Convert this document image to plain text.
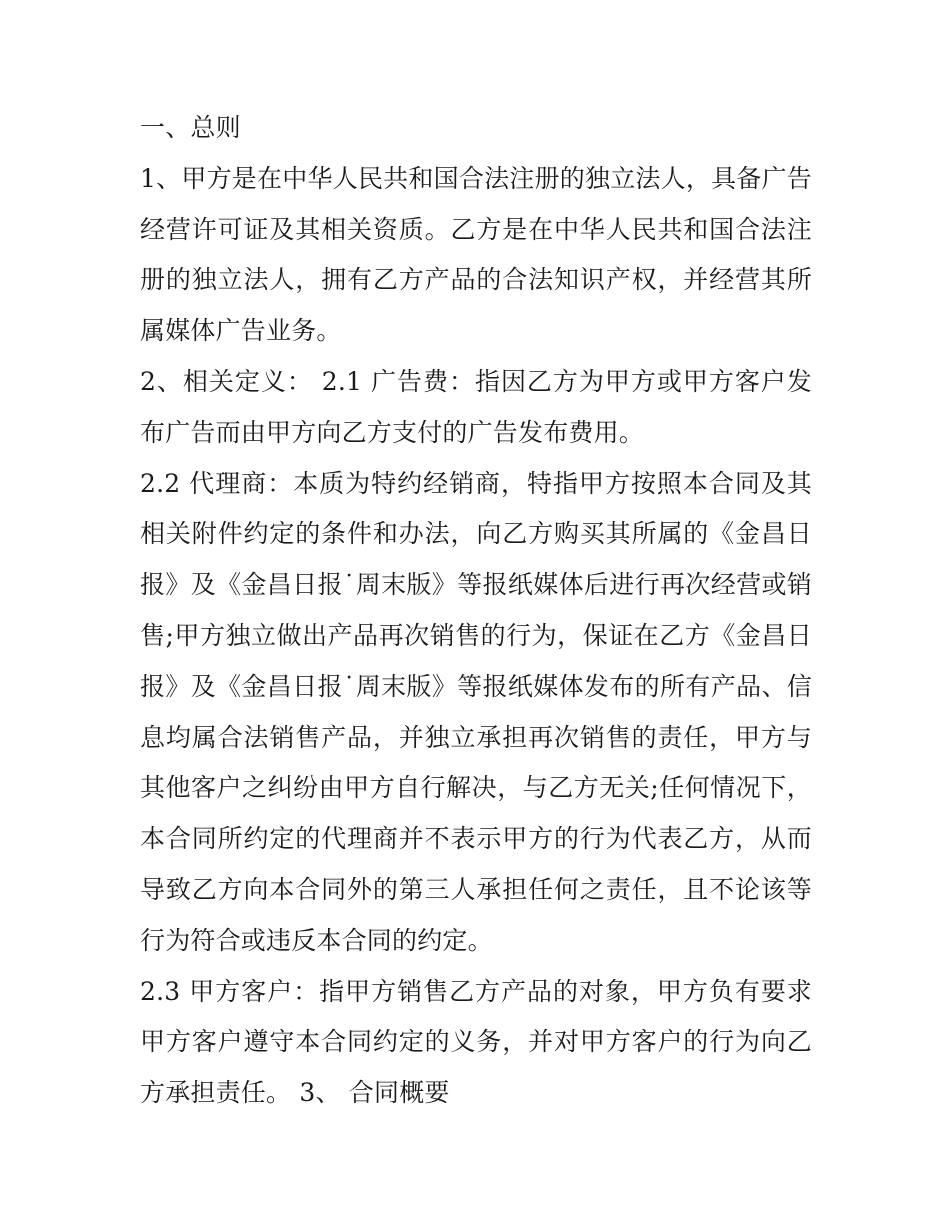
一、总则

1、甲方是在中华人民共和国合法注册的独立法人，具备广告经营许可证及其相关资质。乙方是在中华人民共和国合法注册的独立法人，拥有乙方产品的合法知识产权，并经营其所属媒体广告业务。

2、相关定义： 2.1 广告费：指因乙方为甲方或甲方客户发布广告而由甲方向乙方支付的广告发布费用。

2.2 代理商：本质为特约经销商，特指甲方按照本合同及其相关附件约定的条件和办法，向乙方购买其所属的《金昌日报》及《金昌日报˙周末版》等报纸媒体后进行再次经营或销售;甲方独立做出产品再次销售的行为，保证在乙方《金昌日报》及《金昌日报˙周末版》等报纸媒体发布的所有产品、信息均属合法销售产品，并独立承担再次销售的责任，甲方与其他客户之纠纷由甲方自行解决，与乙方无关;任何情况下，本合同所约定的代理商并不表示甲方的行为代表乙方，从而导致乙方向本合同外的第三人承担任何之责任，且不论该等行为符合或违反本合同的约定。

2.3 甲方客户：指甲方销售乙方产品的对象，甲方负有要求甲方客户遵守本合同约定的义务，并对甲方客户的行为向乙方承担责任。 3、 合同概要
